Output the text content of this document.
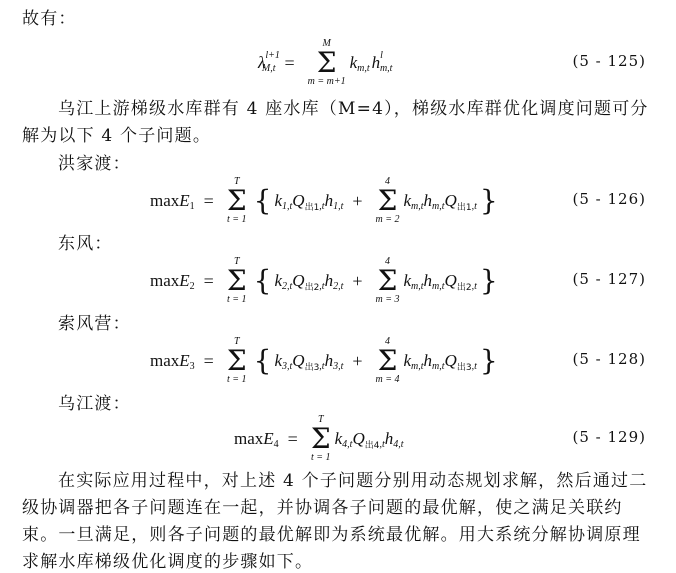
故有：
λ l+1
M,t =
M
Σ
m = m+1
k m,t h l
m,t	(5 - 125)
乌江上游梯级水库群有 4 座水库（M=4），梯级水库群优化调度问题可分
解为以下 4 个子问题。
洪家渡：
max E 1 =
T
Σ
t = 1
{ k 1,t Q 出1 ,t h 1,t +
4
Σ
m = 2
k m,t h m,t Q 出1 ,t }	(5 - 126)
东风：
max E 2 =
T
Σ
t = 1
{ k 2,t Q 出2 ,t h 2,t +
4
Σ
m = 3
k m,t h m,t Q 出2 ,t }	(5 - 127)
索风营：
max E 3 =
T
Σ
t = 1
{ k 3,t Q 出3 ,t h 3,t +
4
Σ
m = 4
k m,t h m,t Q 出3 ,t }	(5 - 128)
乌江渡：
max E 4 =
T
Σ
t = 1
k 4,t Q 出4 ,t h 4,t	(5 - 129)
在实际应用过程中，对上述 4 个子问题分别用动态规划求解，然后通过二
级协调器把各子问题连在一起，并协调各子问题的最优解，使之满足关联约
束。一旦满足，则各子问题的最优解即为系统最优解。用大系统分解协调原理
求解水库梯级优化调度的步骤如下。
